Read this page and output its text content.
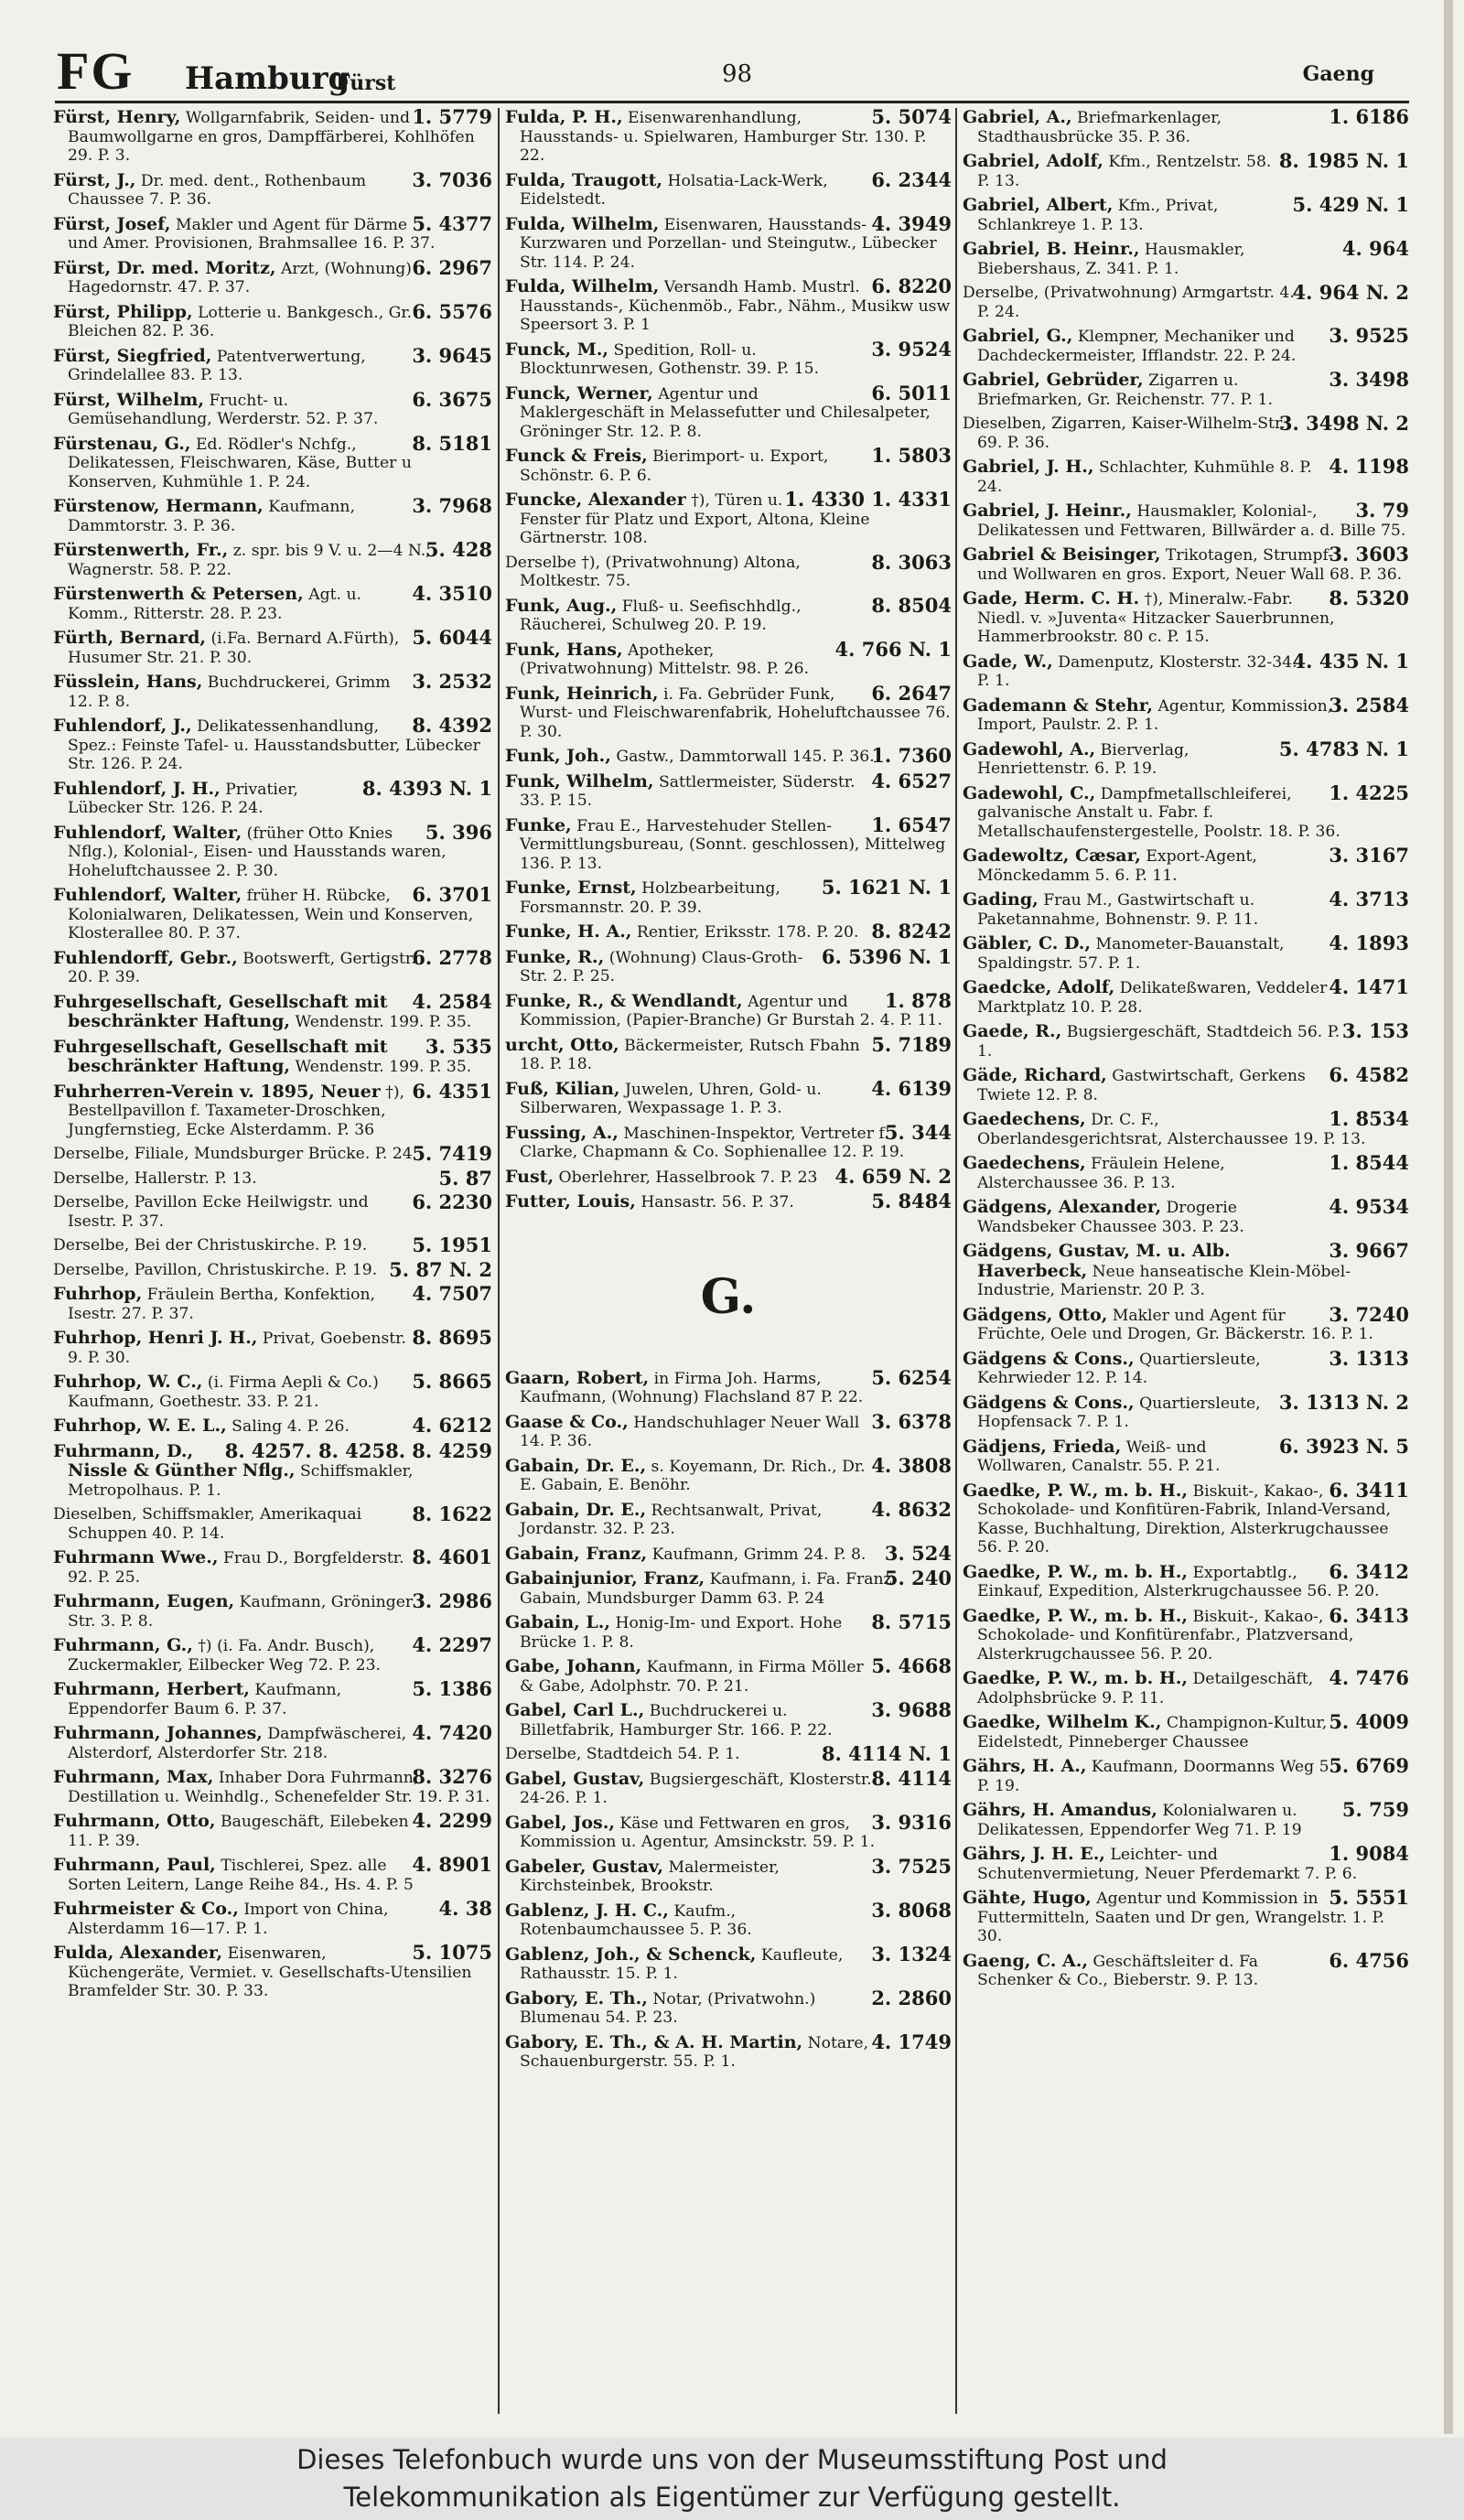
FG Hamburg
Fürst	98	Gaeng
1. 5779
Fürst, Henry, Wollgarnfabrik, Seiden- und Baumwollgarne en gros, Dampffärberei, Kohlhöfen 29. P. 3.
3. 7036
Fürst, J., Dr. med. dent., Rothenbaum Chaussee 7. P. 36.
5. 4377
Fürst, Josef, Makler und Agent für Därme und Amer. Provisionen, Brahmsallee 16. P. 37.
6. 2967
Fürst, Dr. med. Moritz, Arzt, (Wohnung) Hagedornstr. 47. P. 37.
6. 5576
Fürst, Philipp, Lotterie u. Bankgesch., Gr. Bleichen 82. P. 36.
3. 9645
Fürst, Siegfried, Patentverwertung, Grindelallee 83. P. 13.
6. 3675
Fürst, Wilhelm, Frucht- u. Gemüsehandlung, Werderstr. 52. P. 37.
8. 5181
Fürstenau, G., Ed. Rödler's Nchfg., Delikatessen, Fleischwaren, Käse, Butter u Konserven, Kuhmühle 1. P. 24.
3. 7968
Fürstenow, Hermann, Kaufmann, Dammtorstr. 3. P. 36.
5. 428
Fürstenwerth, Fr., z. spr. bis 9 V. u. 2—4 N., Wagnerstr. 58. P. 22.
4. 3510
Fürstenwerth & Petersen, Agt. u. Komm., Ritterstr. 28. P. 23.
5. 6044
Fürth, Bernard, (i.Fa. Bernard A.Fürth), Husumer Str. 21. P. 30.
3. 2532
Füsslein, Hans, Buchdruckerei, Grimm 12. P. 8.
8. 4392
Fuhlendorf, J., Delikatessenhandlung, Spez.: Feinste Tafel- u. Hausstandsbutter, Lübecker Str. 126. P. 24.
8. 4393 N. 1
Fuhlendorf, J. H., Privatier, Lübecker Str. 126. P. 24.
5. 396
Fuhlendorf, Walter, (früher Otto Knies Nflg.), Kolonial-, Eisen- und Hausstands waren, Hoheluftchaussee 2. P. 30.
6. 3701
Fuhlendorf, Walter, früher H. Rübcke, Kolonialwaren, Delikatessen, Wein und Konserven, Klosterallee 80. P. 37.
6. 2778
Fuhlendorff, Gebr., Bootswerft, Gertigstr. 20. P. 39.
4. 2584
Fuhrgesellschaft, Gesellschaft mit beschränkter Haftung, Wendenstr. 199. P. 35.
3. 535
Fuhrgesellschaft, Gesellschaft mit beschränkter Haftung, Wendenstr. 199. P. 35.
6. 4351
Fuhrherren-Verein v. 1895, Neuer †), Bestellpavillon f. Taxameter-Droschken, Jungfernstieg, Ecke Alsterdamm. P. 36
5. 7419
Derselbe, Filiale, Mundsburger Brücke. P. 24
5. 87
Derselbe, Hallerstr. P. 13.
6. 2230
Derselbe, Pavillon Ecke Heilwigstr. und Isestr. P. 37.
5. 1951
Derselbe, Bei der Christuskirche. P. 19.
5. 87 N. 2
Derselbe, Pavillon, Christuskirche. P. 19.
4. 7507
Fuhrhop, Fräulein Bertha, Konfektion, Isestr. 27. P. 37.
8. 8695
Fuhrhop, Henri J. H., Privat, Goebenstr. 9. P. 30.
5. 8665
Fuhrhop, W. C., (i. Firma Aepli & Co.) Kaufmann, Goethestr. 33. P. 21.
4. 6212
Fuhrhop, W. E. L., Saling 4. P. 26.
8. 4257. 8. 4258. 8. 4259
Fuhrmann, D., Nissle & Günther Nflg., Schiffsmakler, Metropolhaus. P. 1.
8. 1622
Dieselben, Schiffsmakler, Amerikaquai Schuppen 40. P. 14.
8. 4601
Fuhrmann Wwe., Frau D., Borgfelderstr. 92. P. 25.
3. 2986
Fuhrmann, Eugen, Kaufmann, Gröninger Str. 3. P. 8.
4. 2297
Fuhrmann, G., †) (i. Fa. Andr. Busch), Zuckermakler, Eilbecker Weg 72. P. 23.
5. 1386
Fuhrmann, Herbert, Kaufmann, Eppendorfer Baum 6. P. 37.
4. 7420
Fuhrmann, Johannes, Dampfwäscherei, Alsterdorf, Alsterdorfer Str. 218.
8. 3276
Fuhrmann, Max, Inhaber Dora Fuhrmann, Destillation u. Weinhdlg., Schenefelder Str. 19. P. 31.
4. 2299
Fuhrmann, Otto, Baugeschäft, Eilebeken 11. P. 39.
4. 8901
Fuhrmann, Paul, Tischlerei, Spez. alle Sorten Leitern, Lange Reihe 84., Hs. 4. P. 5
4. 38
Fuhrmeister & Co., Import von China, Alsterdamm 16—17. P. 1.
5. 1075
Fulda, Alexander, Eisenwaren, Küchengeräte, Vermiet. v. Gesellschafts-Utensilien Bramfelder Str. 30. P. 33.
5. 5074
Fulda, P. H., Eisenwarenhandlung, Hausstands- u. Spielwaren, Hamburger Str. 130. P. 22.
6. 2344
Fulda, Traugott, Holsatia-Lack-Werk, Eidelstedt.
4. 3949
Fulda, Wilhelm, Eisenwaren, Hausstands-Kurzwaren und Porzellan- und Steingutw., Lübecker Str. 114. P. 24.
6. 8220
Fulda, Wilhelm, Versandh Hamb. Mustrl. Hausstands-, Küchenmöb., Fabr., Nähm., Musikw usw Speersort 3. P. 1
3. 9524
Funck, M., Spedition, Roll- u. Blocktunrwesen, Gothenstr. 39. P. 15.
6. 5011
Funck, Werner, Agentur und Maklergeschäft in Melassefutter und Chilesalpeter, Gröninger Str. 12. P. 8.
1. 5803
Funck & Freis, Bierimport- u. Export, Schönstr. 6. P. 6.
1. 4330 1. 4331
Funcke, Alexander †), Türen u. Fenster für Platz und Export, Altona, Kleine Gärtnerstr. 108.
8. 3063
Derselbe †), (Privatwohnung) Altona, Moltkestr. 75.
8. 8504
Funk, Aug., Fluß- u. Seefischhdlg., Räucherei, Schulweg 20. P. 19.
4. 766 N. 1
Funk, Hans, Apotheker, (Privatwohnung) Mittelstr. 98. P. 26.
6. 2647
Funk, Heinrich, i. Fa. Gebrüder Funk, Wurst- und Fleischwarenfabrik, Hoheluftchaussee 76. P. 30.
1. 7360
Funk, Joh., Gastw., Dammtorwall 145. P. 36.
4. 6527
Funk, Wilhelm, Sattlermeister, Süderstr. 33. P. 15.
1. 6547
Funke, Frau E., Harvestehuder Stellen-Vermittlungsbureau, (Sonnt. geschlossen), Mittelweg 136. P. 13.
5. 1621 N. 1
Funke, Ernst, Holzbearbeitung, Forsmannstr. 20. P. 39.
8. 8242
Funke, H. A., Rentier, Eriksstr. 178. P. 20.
6. 5396 N. 1
Funke, R., (Wohnung) Claus-Groth-Str. 2. P. 25.
1. 878
Funke, R., & Wendlandt, Agentur und Kommission, (Papier-Branche) Gr Burstah 2. 4. P. 11.
5. 7189
urcht, Otto, Bäckermeister, Rutsch Fbahn 18. P. 18.
4. 6139
Fuß, Kilian, Juwelen, Uhren, Gold- u. Silberwaren, Wexpassage 1. P. 3.
5. 344
Fussing, A., Maschinen-Inspektor, Vertreter f. Clarke, Chapmann & Co. Sophienallee 12. P. 19.
4. 659 N. 2
Fust, Oberlehrer, Hasselbrook 7. P. 23
5. 8484
Futter, Louis, Hansastr. 56. P. 37.
G.
5. 6254
Gaarn, Robert, in Firma Joh. Harms, Kaufmann, (Wohnung) Flachsland 87 P. 22.
3. 6378
Gaase & Co., Handschuhlager Neuer Wall 14. P. 36.
4. 3808
Gabain, Dr. E., s. Koyemann, Dr. Rich., Dr. E. Gabain, E. Benöhr.
4. 8632
Gabain, Dr. E., Rechtsanwalt, Privat, Jordanstr. 32. P. 23.
3. 524
Gabain, Franz, Kaufmann, Grimm 24. P. 8.
5. 240
Gabainjunior, Franz, Kaufmann, i. Fa. Franz Gabain, Mundsburger Damm 63. P. 24
8. 5715
Gabain, L., Honig-Im- und Export. Hohe Brücke 1. P. 8.
5. 4668
Gabe, Johann, Kaufmann, in Firma Möller & Gabe, Adolphstr. 70. P. 21.
3. 9688
Gabel, Carl L., Buchdruckerei u. Billetfabrik, Hamburger Str. 166. P. 22.
8. 4114 N. 1
Derselbe, Stadtdeich 54. P. 1.
8. 4114
Gabel, Gustav, Bugsiergeschäft, Klosterstr. 24-26. P. 1.
3. 9316
Gabel, Jos., Käse und Fettwaren en gros, Kommission u. Agentur, Amsinckstr. 59. P. 1.
3. 7525
Gabeler, Gustav, Malermeister, Kirchsteinbek, Brookstr.
3. 8068
Gablenz, J. H. C., Kaufm., Rotenbaumchaussee 5. P. 36.
3. 1324
Gablenz, Joh., & Schenck, Kaufleute, Rathausstr. 15. P. 1.
2. 2860
Gabory, E. Th., Notar, (Privatwohn.) Blumenau 54. P. 23.
4. 1749
Gabory, E. Th., & A. H. Martin, Notare, Schauenburgerstr. 55. P. 1.
1. 6186
Gabriel, A., Briefmarkenlager, Stadthausbrücke 35. P. 36.
8. 1985 N. 1
Gabriel, Adolf, Kfm., Rentzelstr. 58. P. 13.
5. 429 N. 1
Gabriel, Albert, Kfm., Privat, Schlankreye 1. P. 13.
4. 964
Gabriel, B. Heinr., Hausmakler, Biebershaus, Z. 341. P. 1.
4. 964 N. 2
Derselbe, (Privatwohnung) Armgartstr. 4. P. 24.
3. 9525
Gabriel, G., Klempner, Mechaniker und Dachdeckermeister, Ifflandstr. 22. P. 24.
3. 3498
Gabriel, Gebrüder, Zigarren u. Briefmarken, Gr. Reichenstr. 77. P. 1.
3. 3498 N. 2
Dieselben, Zigarren, Kaiser-Wilhelm-Str. 69. P. 36.
4. 1198
Gabriel, J. H., Schlachter, Kuhmühle 8. P. 24.
3. 79
Gabriel, J. Heinr., Hausmakler, Kolonial-, Delikatessen und Fettwaren, Billwärder a. d. Bille 75.
3. 3603
Gabriel & Beisinger, Trikotagen, Strumpf- und Wollwaren en gros. Export, Neuer Wall 68. P. 36.
8. 5320
Gade, Herm. C. H. †), Mineralw.-Fabr. Niedl. v. »Juventa« Hitzacker Sauerbrunnen, Hammerbrookstr. 80 c. P. 15.
4. 435 N. 1
Gade, W., Damenputz, Klosterstr. 32-34. P. 1.
3. 2584
Gademann & Stehr, Agentur, Kommission, Import, Paulstr. 2. P. 1.
5. 4783 N. 1
Gadewohl, A., Bierverlag, Henriettenstr. 6. P. 19.
1. 4225
Gadewohl, C., Dampfmetallschleiferei, galvanische Anstalt u. Fabr. f. Metallschaufenstergestelle, Poolstr. 18. P. 36.
3. 3167
Gadewoltz, Cæsar, Export-Agent, Mönckedamm 5. 6. P. 11.
4. 3713
Gading, Frau M., Gastwirtschaft u. Paketannahme, Bohnenstr. 9. P. 11.
4. 1893
Gäbler, C. D., Manometer-Bauanstalt, Spaldingstr. 57. P. 1.
4. 1471
Gaedcke, Adolf, Delikateßwaren, Veddeler Marktplatz 10. P. 28.
3. 153
Gaede, R., Bugsiergeschäft, Stadtdeich 56. P. 1.
6. 4582
Gäde, Richard, Gastwirtschaft, Gerkens Twiete 12. P. 8.
1. 8534
Gaedechens, Dr. C. F., Oberlandesgerichtsrat, Alsterchaussee 19. P. 13.
1. 8544
Gaedechens, Fräulein Helene, Alsterchaussee 36. P. 13.
4. 9534
Gädgens, Alexander, Drogerie Wandsbeker Chaussee 303. P. 23.
3. 9667
Gädgens, Gustav, M. u. Alb. Haverbeck, Neue hanseatische Klein-Möbel-Industrie, Marienstr. 20 P. 3.
3. 7240
Gädgens, Otto, Makler und Agent für Früchte, Oele und Drogen, Gr. Bäckerstr. 16. P. 1.
3. 1313
Gädgens & Cons., Quartiersleute, Kehrwieder 12. P. 14.
3. 1313 N. 2
Gädgens & Cons., Quartiersleute, Hopfensack 7. P. 1.
6. 3923 N. 5
Gädjens, Frieda, Weiß- und Wollwaren, Canalstr. 55. P. 21.
6. 3411
Gaedke, P. W., m. b. H., Biskuit-, Kakao-, Schokolade- und Konfitüren-Fabrik, Inland-Versand, Kasse, Buchhaltung, Direktion, Alsterkrugchaussee 56. P. 20.
6. 3412
Gaedke, P. W., m. b. H., Exportabtlg., Einkauf, Expedition, Alsterkrugchaussee 56. P. 20.
6. 3413
Gaedke, P. W., m. b. H., Biskuit-, Kakao-, Schokolade- und Konfitürenfabr., Platzversand, Alsterkrugchaussee 56. P. 20.
4. 7476
Gaedke, P. W., m. b. H., Detailgeschäft, Adolphsbrücke 9. P. 11.
5. 4009
Gaedke, Wilhelm K., Champignon-Kultur, Eidelstedt, Pinneberger Chaussee
5. 6769
Gährs, H. A., Kaufmann, Doormanns Weg 5. P. 19.
5. 759
Gährs, H. Amandus, Kolonialwaren u. Delikatessen, Eppendorfer Weg 71. P. 19
1. 9084
Gährs, J. H. E., Leichter- und Schutenvermietung, Neuer Pferdemarkt 7. P. 6.
5. 5551
Gähte, Hugo, Agentur und Kommission in Futtermitteln, Saaten und Dr gen, Wrangelstr. 1. P. 30.
6. 4756
Gaeng, C. A., Geschäftsleiter d. Fa Schenker & Co., Bieberstr. 9. P. 13.
Dieses Telefonbuch wurde uns von der Museumsstiftung Post und
Telekommunikation als Eigentümer zur Verfügung gestellt.
